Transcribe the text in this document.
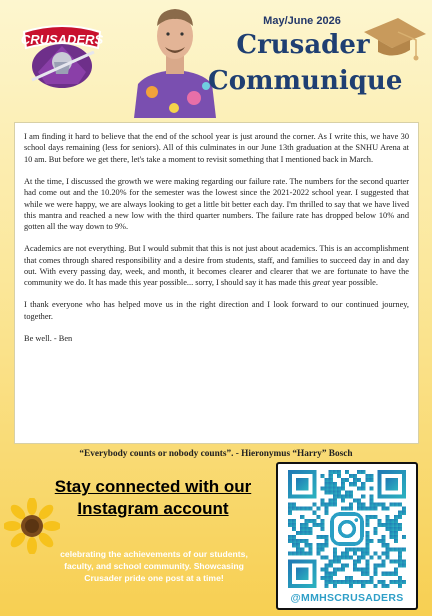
CRUSADERS
May/June 2026
Crusader
Communique

I am finding it hard to believe that the end of the school year is just around the corner. As I write this, we have 30 school days remaining (less for seniors). All of this culminates in our June 13th graduation at the SNHU Arena at 10 am. But before we get there, let's take a moment to revisit something that I mentioned back in March.

At the time, I discussed the growth we were making regarding our failure rate. The numbers for the second quarter had come out and the 10.20% for the semester was the lowest since the 2021-2022 school year. I suggested that while we were happy, we are always looking to get a little bit better each day. I'm thrilled to say that we have lived this mantra and reached a new low with the third quarter numbers. The failure rate has dropped below 10% and gotten all the way down to 9%.

Academics are not everything. But I would submit that this is not just about academics. This is an accomplishment that comes through shared responsibility and a desire from students, staff, and families to succeed day in and day out. With every passing day, week, and month, it becomes clearer and clearer that we are fortunate to have the community we do. It has made this year possible... sorry, I should say it has made this great year possible.

I thank everyone who has helped move us in the right direction and I look forward to our continued journey, together.

Be well. - Ben

“Everybody counts or nobody counts”. - Hieronymus “Harry” Bosch
Stay connected with our Instagram account
celebrating the achievements of our students, faculty, and school community. Showcasing Crusader pride one post at a time!
@MMHSCRUSADERS
